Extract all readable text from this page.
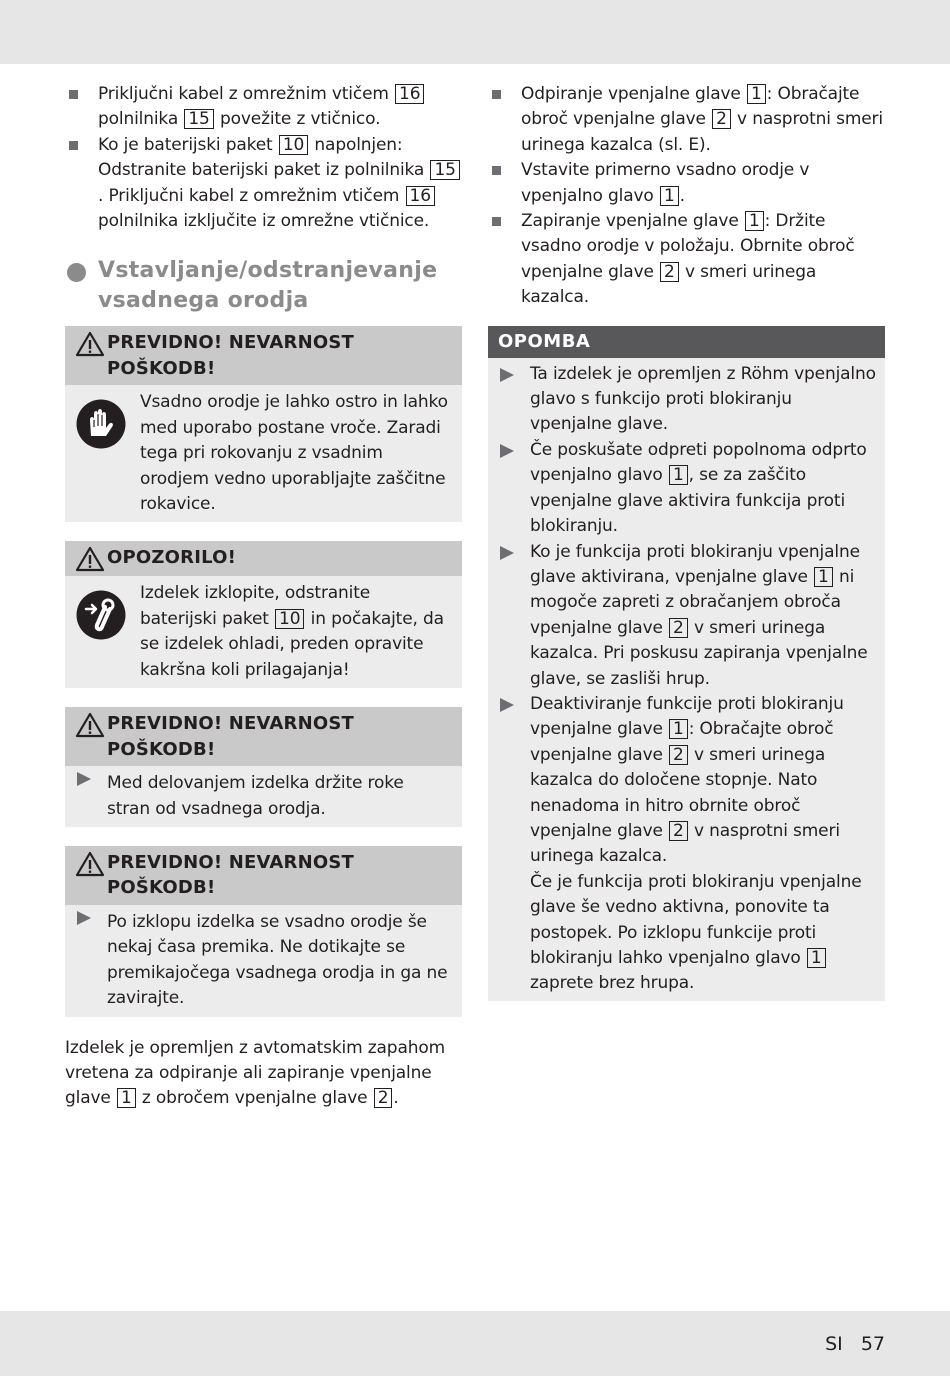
Priključni kabel z omrežnim vtičem 16 polnilnika 15 povežite z vtičnico.
Ko je baterijski paket 10 napolnjen: Odstranite baterijski paket iz polnilnika 15. Priključni kabel z omrežnim vtičem 16 polnilnika izključite iz omrežne vtičnice.
Vstavljanje/odstranjevanje vsadnega orodja
PREVIDNO! NEVARNOST POŠKODB!
Vsadno orodje je lahko ostro in lahko med uporabo postane vroče. Zaradi tega pri rokovanju z vsadnim orodjem vedno uporabljajte zaščitne rokavice.
OPOZORILO!
Izdelek izklopite, odstranite baterijski paket 10 in počakajte, da se izdelek ohladi, preden opravite kakršna koli prilagajanja!
PREVIDNO! NEVARNOST POŠKODB!
Med delovanjem izdelka držite roke stran od vsadnega orodja.
PREVIDNO! NEVARNOST POŠKODB!
Po izklopu izdelka se vsadno orodje še nekaj časa premika. Ne dotikajte se premikajočega vsadnega orodja in ga ne zavirajte.
Izdelek je opremljen z avtomatskim zapahom vretena za odpiranje ali zapiranje vpenjalne glave 1 z obročem vpenjalne glave 2 .
Odpiranje vpenjalne glave 1 : Obračajte obroč vpenjalne glave 2 v nasprotni smeri urinega kazalca (sl. E).
Vstavite primerno vsadno orodje v vpenjalno glavo 1 .
Zapiranje vpenjalne glave 1 : Držite vsadno orodje v položaju. Obrnite obroč vpenjalne glave 2 v smeri urinega kazalca.
OPOMBA
Ta izdelek je opremljen z Röhm vpenjalno glavo s funkcijo proti blokiranju vpenjalne glave.
Če poskušate odpreti popolnoma odprto vpenjalno glavo 1 , se za zaščito vpenjalne glave aktivira funkcija proti blokiranju.
Ko je funkcija proti blokiranju vpenjalne glave aktivirana, vpenjalne glave 1 ni mogoče zapreti z obračanjem obroča vpenjalne glave 2 v smeri urinega kazalca. Pri poskusu zapiranja vpenjalne glave, se zasliši hrup.
Deaktiviranje funkcije proti blokiranju vpenjalne glave 1 : Obračajte obroč vpenjalne glave 2 v smeri urinega kazalca do določene stopnje. Nato nenadoma in hitro obrnite obroč vpenjalne glave 2 v nasprotni smeri urinega kazalca.
Če je funkcija proti blokiranju vpenjalne glave še vedno aktivna, ponovite ta postopek. Po izklopu funkcije proti blokiranju lahko vpenjalno glavo 1 zaprete brez hrupa.
SI 57
